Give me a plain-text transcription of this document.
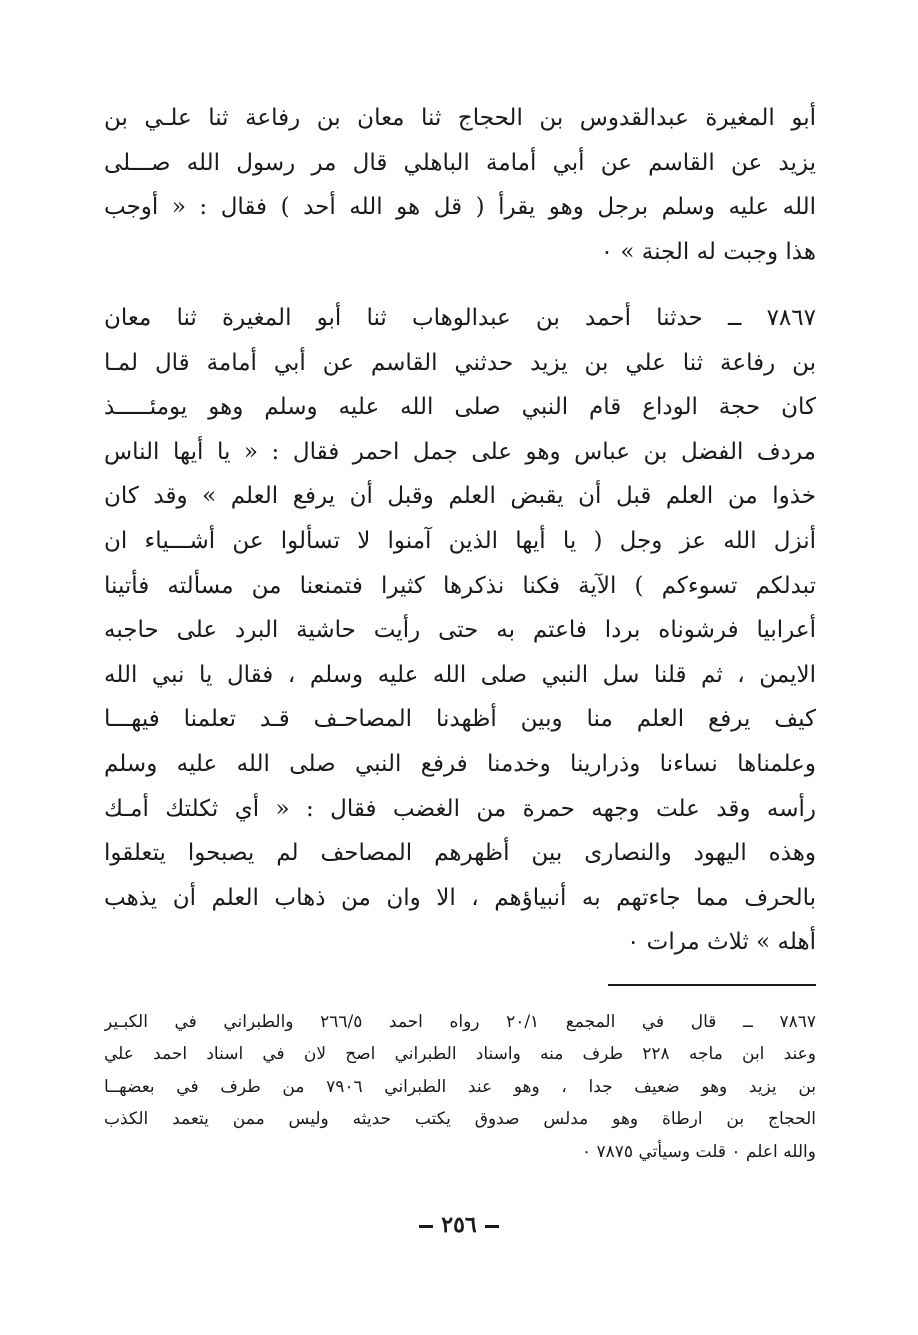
أبو المغيرة عبدالقدوس بن الحجاج ثنا معان بن رفاعة ثنا علـي بن
يزيد عن القاسم عن أبي أمامة الباهلي قال مر رسول الله صـــلى
الله عليه وسلم برجل وهو يقرأ ( قل هو الله أحد ) فقال : « أوجب
هذا وجبت له الجنة » ٠
٧٨٦٧ ــ حدثنا أحمد بن عبدالوهاب ثنا أبو المغيرة ثنا معان
بن رفاعة ثنا علي بن يزيد حدثني القاسم عن أبي أمامة قال لمـا
كان حجة الوداع قام النبي صلى الله عليه وسلم وهو يومئـــــذ
مردف الفضل بن عباس وهو على جمل احمر فقال : « يا أيها الناس
خذوا من العلم قبل أن يقبض العلم وقبل أن يرفع العلم » وقد كان
أنزل الله عز وجل ( يا أيها الذين آمنوا لا تسألوا عن أشـــياء ان
تبدلكم تسوءكم ) الآية فكنا نذكرها كثيرا فتمنعنا من مسألته فأتينا
أعرابيا فرشوناه بردا فاعتم به حتى رأيت حاشية البرد على حاجبه
الايمن ، ثم قلنا سل النبي صلى الله عليه وسلم ، فقال يا نبي الله
كيف يرفع العلم منا وبين أظهدنا المصاحـف قـد تعلمنا فيهـــا
وعلمناها نساءنا وذرارينا وخدمنا فرفع النبي صلى الله عليه وسلم
رأسه وقد علت وجهه حمرة من الغضب فقال : « أي ثكلتك أمـك
وهذه اليهود والنصارى بين أظهرهم المصاحف لم يصبحوا يتعلقوا
بالحرف مما جاءتهم به أنبياؤهم ، الا وان من ذهاب العلم أن يذهب
أهله » ثلاث مرات ٠
٧٨٦٧ ــ قال في المجمع ٢٠/١ رواه احمد ٢٦٦/٥ والطبراني في الكبـير
وعند ابن ماجه ٢٢٨ طرف منه واسناد الطبراني اصح لان في اسناد احمد علي
بن يزيد وهو ضعيف جدا ، وهو عند الطبراني ٧٩٠٦ من طرف في بعضهــا
الحجاج بن ارطاة وهو مدلس صدوق يكتب حديثه وليس ممن يتعمد الكذب
والله اعلم ٠ قلت وسيأتي ٧٨٧٥ ٠
٢٥٦
